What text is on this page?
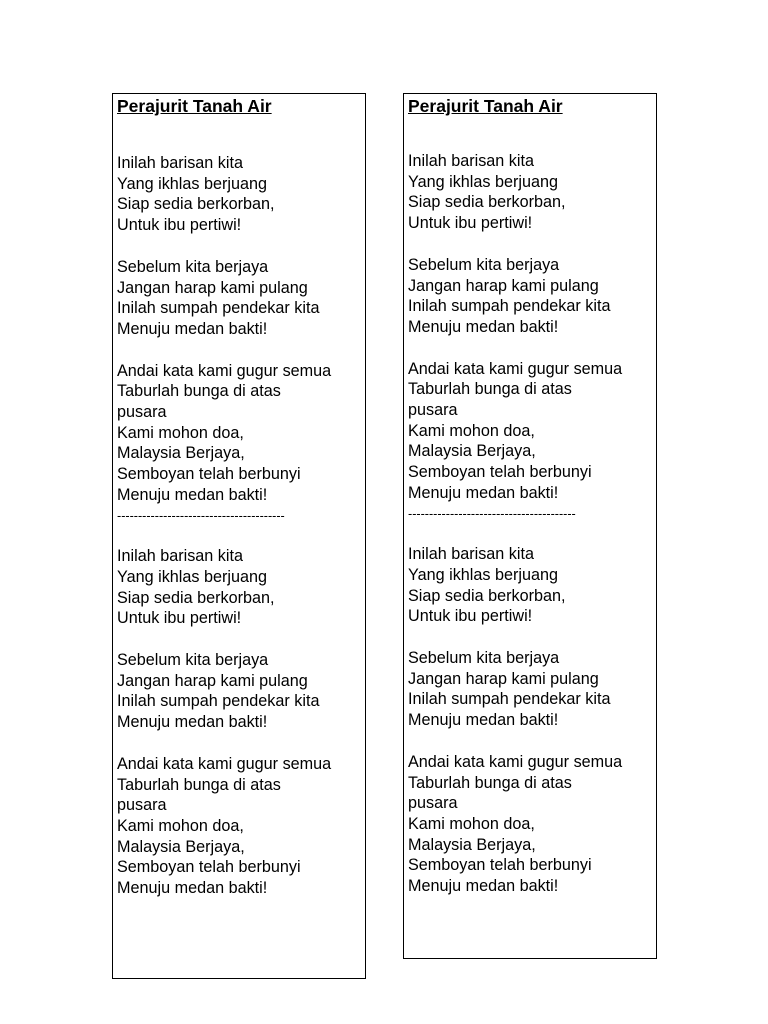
Perajurit Tanah Air

Inilah barisan kita
Yang ikhlas berjuang
Siap sedia berkorban,
Untuk ibu pertiwi!

Sebelum kita berjaya
Jangan harap kami pulang
Inilah sumpah pendekar kita
Menuju medan bakti!

Andai kata kami gugur semua
Taburlah bunga di atas
pusara
Kami mohon doa,
Malaysia Berjaya,
Semboyan telah berbunyi
Menuju medan bakti!

----------------------------------------

Inilah barisan kita
Yang ikhlas berjuang
Siap sedia berkorban,
Untuk ibu pertiwi!

Sebelum kita berjaya
Jangan harap kami pulang
Inilah sumpah pendekar kita
Menuju medan bakti!

Andai kata kami gugur semua
Taburlah bunga di atas
pusara
Kami mohon doa,
Malaysia Berjaya,
Semboyan telah berbunyi
Menuju medan bakti!

Perajurit Tanah Air

Inilah barisan kita
Yang ikhlas berjuang
Siap sedia berkorban,
Untuk ibu pertiwi!

Sebelum kita berjaya
Jangan harap kami pulang
Inilah sumpah pendekar kita
Menuju medan bakti!

Andai kata kami gugur semua
Taburlah bunga di atas
pusara
Kami mohon doa,
Malaysia Berjaya,
Semboyan telah berbunyi
Menuju medan bakti!

----------------------------------------

Inilah barisan kita
Yang ikhlas berjuang
Siap sedia berkorban,
Untuk ibu pertiwi!

Sebelum kita berjaya
Jangan harap kami pulang
Inilah sumpah pendekar kita
Menuju medan bakti!

Andai kata kami gugur semua
Taburlah bunga di atas
pusara
Kami mohon doa,
Malaysia Berjaya,
Semboyan telah berbunyi
Menuju medan bakti!
